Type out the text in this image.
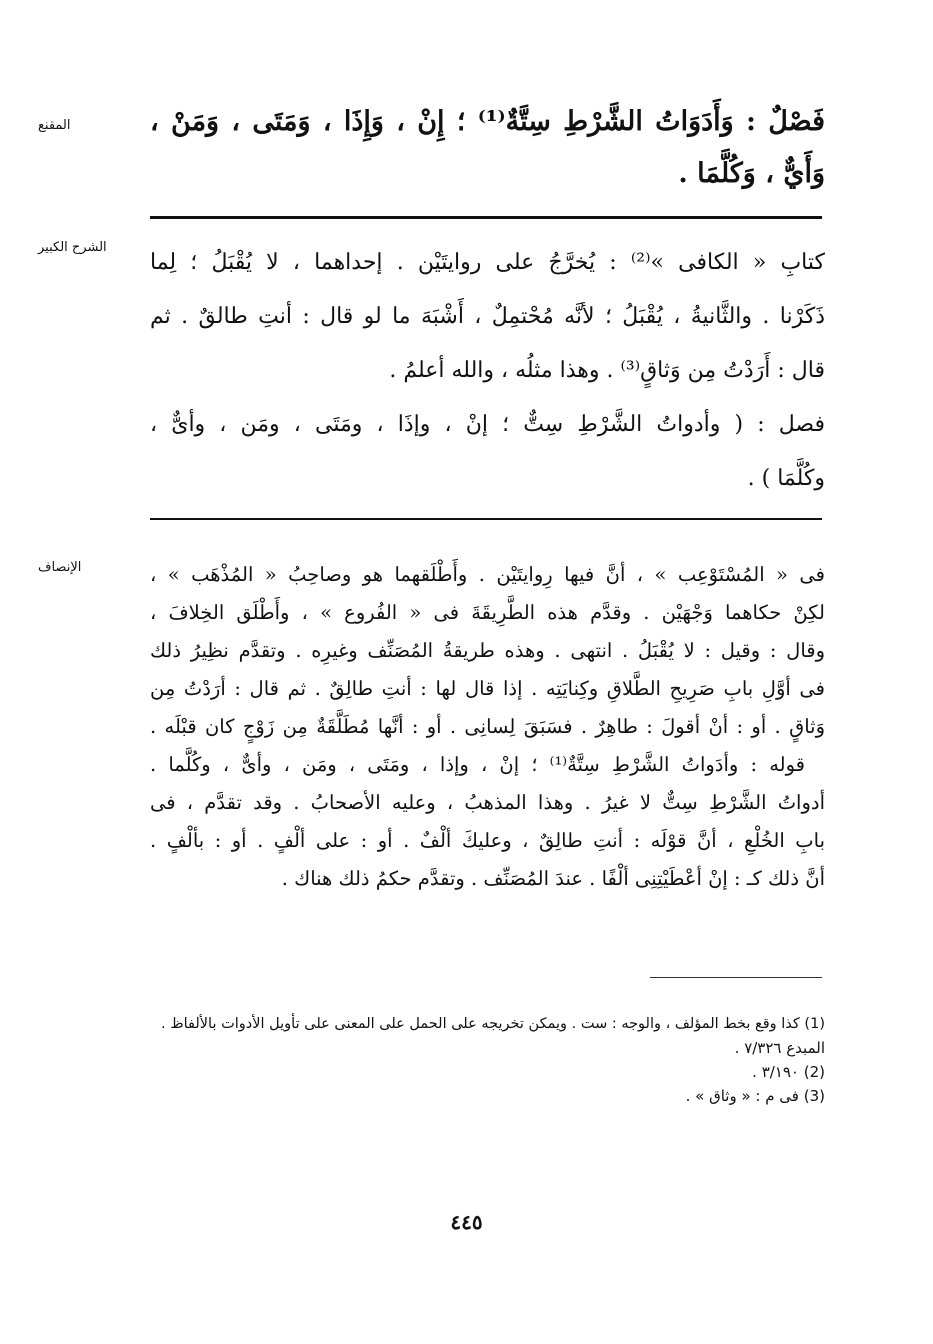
المقنع	فَصْلٌ : وَأَدَوَاتُ الشَّرْطِ سِتَّةٌ⁽¹⁾ ؛ إِنْ ، وَإِذَا ، وَمَتَى ، وَمَنْ ،
وَأَيٌّ ، وَكُلَّمَا .
الشرح الكبير
كتابِ « الكافى »⁽²⁾ : يُخرَّجُ على روايتَيْن . إحداهما ، لا يُقْبَلُ ؛ لِما
ذَكَرْنا . والثَّانيةُ ، يُقْبَلُ ؛ لأنَّه مُحْتمِلٌ ، أَشْبَهَ ما لو قال : أنتِ طالقٌ . ثم
قال : أَرَدْتُ مِن وَثاقٍ⁽³⁾ . وهذا مثلُه ، والله أعلمُ .
فصل : ( وأدواتُ الشَّرْطِ سِتٌّ ؛ إنْ ، وإذَا ، ومَتَى ، ومَن ، وأىٌّ ،
وكُلَّمَا ) .
الإنصاف	فى « المُسْتَوْعِب » ، أنَّ فيها رِوايتَيْن . وأَطْلَقهما هو وصاحِبُ « المُذْهَب » ،
لكِنْ حكاهما وَجْهَيْن . وقدَّم هذه الطَّرِيقَةَ فى « الفُروع » ، وأَطْلَق الخِلافَ ،
وقال : وقيل : لا يُقْبَلُ . انتهى . وهذه طريقةُ المُصَنِّف وغيرِه . وتقدَّم نظِيرُ ذلك
فى أوَّلِ بابِ صَرِيحِ الطَّلاقِ وكِنايَتِه . إذا قال لها : أنتِ طالِقٌ . ثم قال : أرَدْتُ مِن
وَثاقٍ . أو : أنْ أقولَ : طاهِرٌ . فسَبَقَ لِسانِى . أو : أنَّها مُطَلَّقَةٌ مِن زَوْجٍ كان قبْلَه .
قوله : وأدَواتُ الشَّرْطِ سِتَّةٌ⁽¹⁾ ؛ إنْ ، وإذا ، ومَتَى ، ومَن ، وأىٌّ ، وكُلَّما .
أدواتُ الشَّرْطِ سِتٌّ لا غيرُ . وهذا المذهبُ ، وعليه الأصحابُ . وقد تقدَّم ، فى
بابِ الخُلْعِ ، أنَّ قوْلَه : أنتِ طالِقٌ ، وعليكَ ألْفٌ . أو : على ألْفٍ . أو : بألْفٍ .
أنَّ ذلك كـ : إنْ أعْطَيْتِنِى ألْفًا . عندَ المُصَنِّف . وتقدَّم حكمُ ذلك هناك .
(1) كذا وقع بخط المؤلف ، والوجه : ست . ويمكن تخريجه على الحمل على المعنى على تأويل الأدوات بالألفاظ .
المبدع ٧/٣٢٦ .
(2) ٣/١٩٠ .
(3) فى م : « وثاق » .
٤٤٥
